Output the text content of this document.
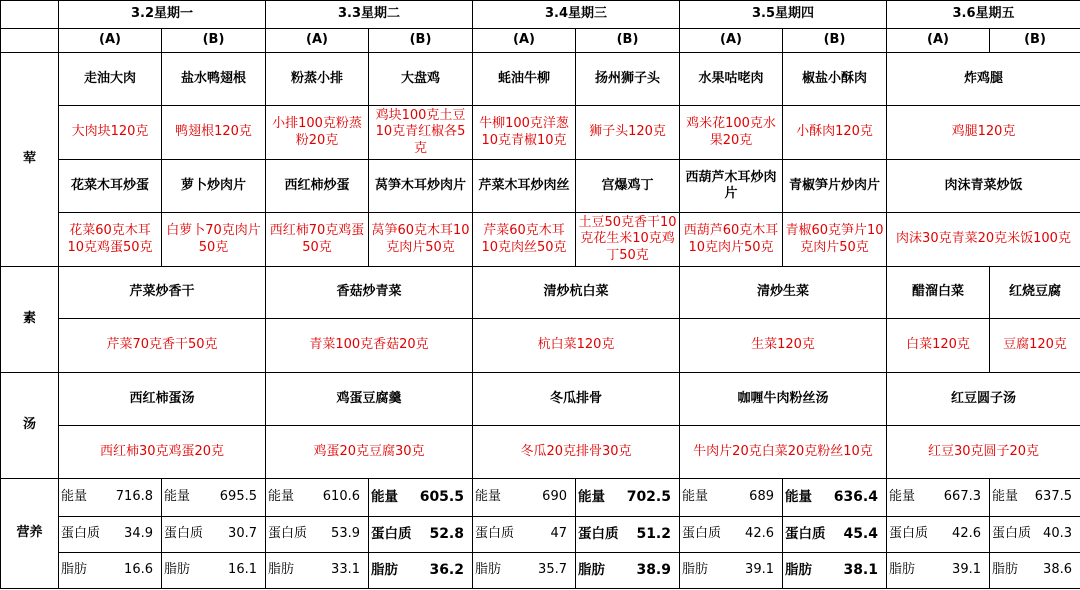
	3.2星期一		3.3星期二		3.4星期三		3.5星期四		3.6星期五	
	(A)	(B)	(A)	(B)	(A)	(B)	(A)	(B)	(A)	(B)
荤	走油大肉	盐水鸭翅根	粉蒸小排	大盘鸡	蚝油牛柳	扬州狮子头	水果咕咾肉	椒盐小酥肉	炸鸡腿	
	大肉块120克	鸭翅根120克	小排100克粉蒸粉20克	鸡块100克土豆10克青红椒各5克	牛柳100克洋葱10克青椒10克	狮子头120克	鸡米花100克水果20克	小酥肉120克	鸡腿120克	
	花菜木耳炒蛋	萝卜炒肉片	西红柿炒蛋	莴笋木耳炒肉片	芹菜木耳炒肉丝	宫爆鸡丁	西葫芦木耳炒肉片	青椒笋片炒肉片	肉沫青菜炒饭	
	花菜60克木耳10克鸡蛋50克	白萝卜70克肉片50克	西红柿70克鸡蛋50克	莴笋60克木耳10克肉片50克	芹菜60克木耳10克肉丝50克	土豆50克香干10克花生米10克鸡丁50克	西葫芦60克木耳10克肉片50克	青椒60克笋片10克肉片50克	肉沫30克青菜20克米饭100克	
素	芹菜炒香干		香菇炒青菜		清炒杭白菜		清炒生菜		醋溜白菜	红烧豆腐
	芹菜70克香干50克		青菜100克香菇20克		杭白菜120克		生菜120克		白菜120克	豆腐120克
汤	西红柿蛋汤		鸡蛋豆腐羹		冬瓜排骨		咖喱牛肉粉丝汤		红豆圆子汤	
	西红柿30克鸡蛋20克		鸡蛋20克豆腐30克		冬瓜20克排骨30克		牛肉片20克白菜20克粉丝10克		红豆30克圆子20克	
营养	能量 716.8	能量 695.5	能量 610.6	能量 605.5	能量 690	能量 702.5	能量 689	能量 636.4	能量 667.3	能量 637.5

	蛋白质 34.9	蛋白质 30.7	蛋白质 53.9	蛋白质 52.8	蛋白质 47	蛋白质 51.2	蛋白质 42.6	蛋白质 45.4	蛋白质 42.6	蛋白质 40.3

	脂肪 16.6	脂肪 16.1	脂肪 33.1	脂肪 36.2	脂肪 35.7	脂肪 38.9	脂肪 39.1	脂肪 38.1	脂肪 39.1	脂肪 38.6
